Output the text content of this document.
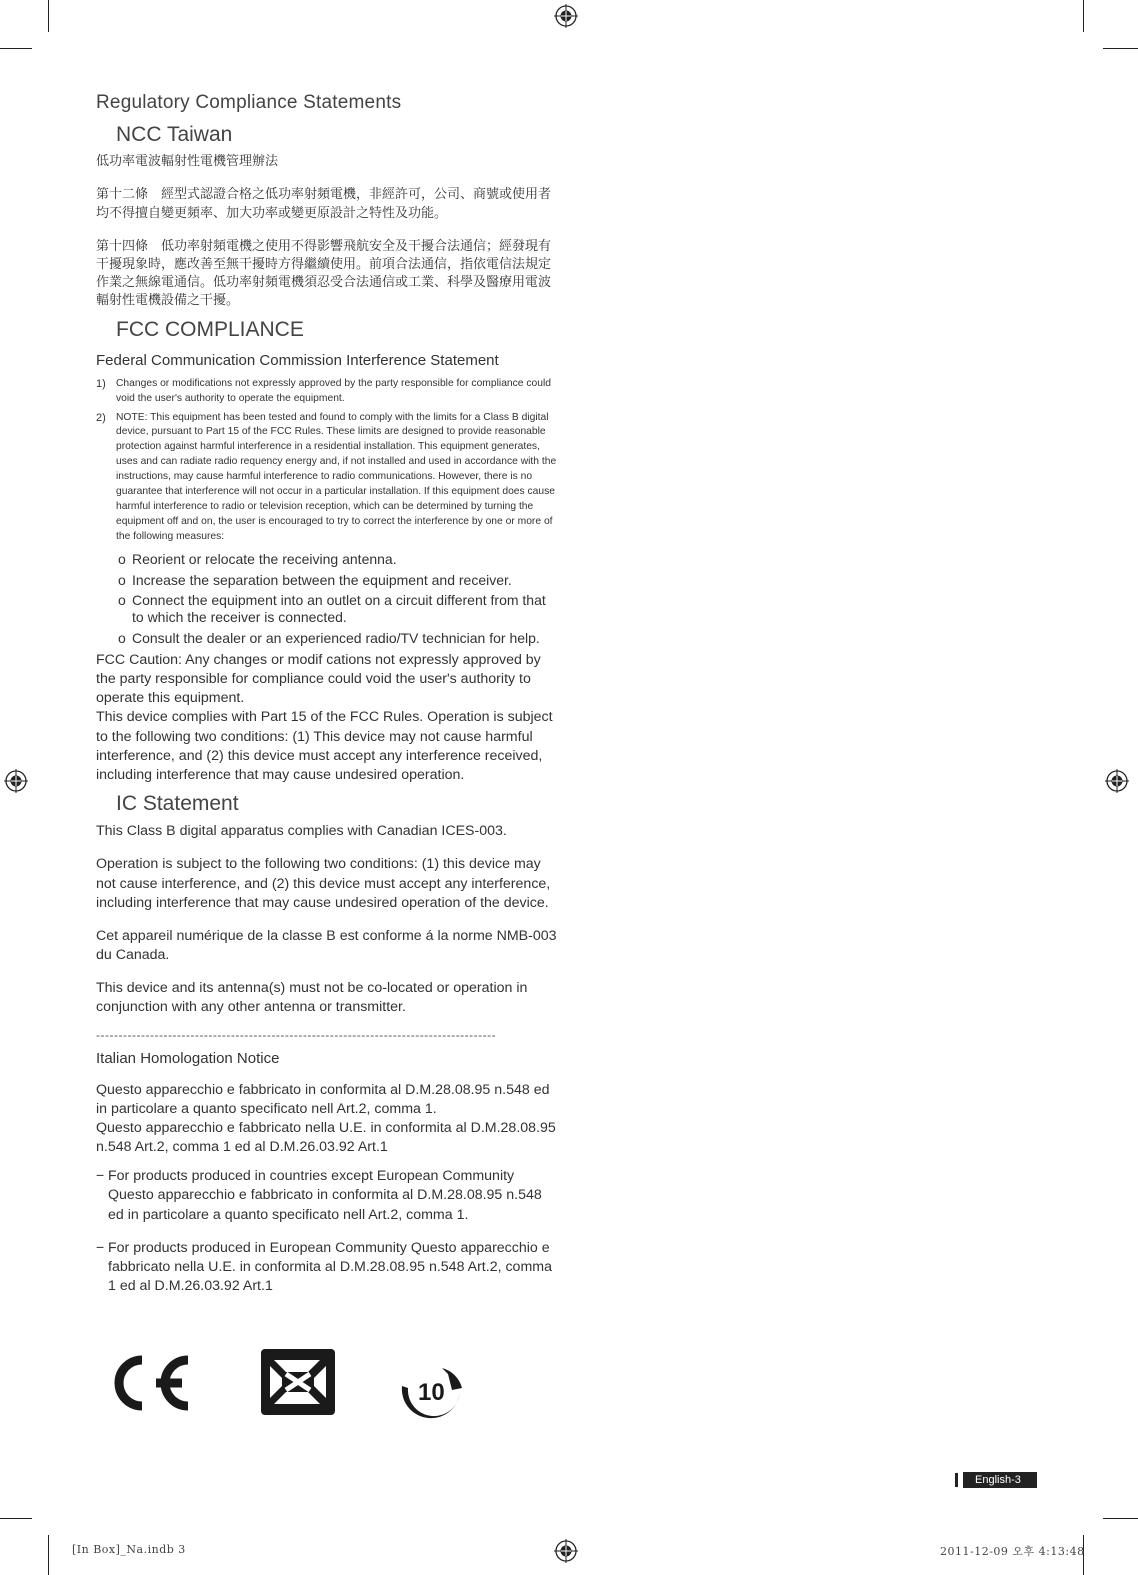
Regulatory Compliance Statements
NCC Taiwan

低功率電波輻射性電機管理辦法

第十二條　經型式認證合格之低功率射頻電機，非經許可，公司、商號或使用者均不得擅自變更頻率、加大功率或變更原設計之特性及功能。

第十四條　低功率射頻電機之使用不得影響飛航安全及干擾合法通信；經發現有干擾現象時，應改善至無干擾時方得繼續使用。前項合法通信，指依電信法規定作業之無線電通信。低功率射頻電機須忍受合法通信或工業、科學及醫療用電波輻射性電機設備之干擾。

FCC COMPLIANCE
Federal Communication Commission Interference Statement
1) Changes or modifications not expressly approved by the party responsible for compliance could void the user's authority to operate the equipment.
2) NOTE: This equipment has been tested and found to comply with the limits for a Class B digital device, pursuant to Part 15 of the FCC Rules. These limits are designed to provide reasonable protection against harmful interference in a residential installation. This equipment generates, uses and can radiate radio requency energy and, if not installed and used in accordance with the instructions, may cause harmful interference to radio communications. However, there is no guarantee that interference will not occur in a particular installation. If this equipment does cause harmful interference to radio or television reception, which can be determined by turning the equipment off and on, the user is encouraged to try to correct the interference by one or more of the following measures:
o Reorient or relocate the receiving antenna.
o Increase the separation between the equipment and receiver.
o Connect the equipment into an outlet on a circuit different from that to which the receiver is connected.
o Consult the dealer or an experienced radio/TV technician for help.

FCC Caution: Any changes or modif cations not expressly approved by the party responsible for compliance could void the user's authority to operate this equipment.

This device complies with Part 15 of the FCC Rules. Operation is subject to the following two conditions: (1) This device may not cause harmful interference, and (2) this device must accept any interference received, including interference that may cause undesired operation.

IC Statement

This Class B digital apparatus complies with Canadian ICES-003.

Operation is subject to the following two conditions: (1) this device may not cause interference, and (2) this device must accept any interference, including interference that may cause undesired operation of the device.

Cet appareil numérique de la classe B est conforme á la norme NMB-003 du Canada.

This device and its antenna(s) must not be co-located or operation in conjunction with any other antenna or transmitter.

-----------------------------------------------------------------------------------------
Italian Homologation Notice

Questo apparecchio e fabbricato in conformita al D.M.28.08.95 n.548 ed in particolare a quanto specificato nell Art.2, comma 1.

Questo apparecchio e fabbricato nella U.E. in conformita al D.M.28.08.95 n.548 Art.2, comma 1 ed al D.M.26.03.92 Art.1

− For products produced in countries except European Community Questo apparecchio e fabbricato in conformita al D.M.28.08.95 n.548 ed in particolare a quanto specificato nell Art.2, comma 1.
− For products produced in European Community Questo apparecchio e fabbricato nella U.E. in conformita al D.M.28.08.95 n.548 Art.2, comma 1 ed al D.M.26.03.92 Art.1
10
English-3
[In Box]_Na.indb 3	2011-12-09 오후 4:13:48
